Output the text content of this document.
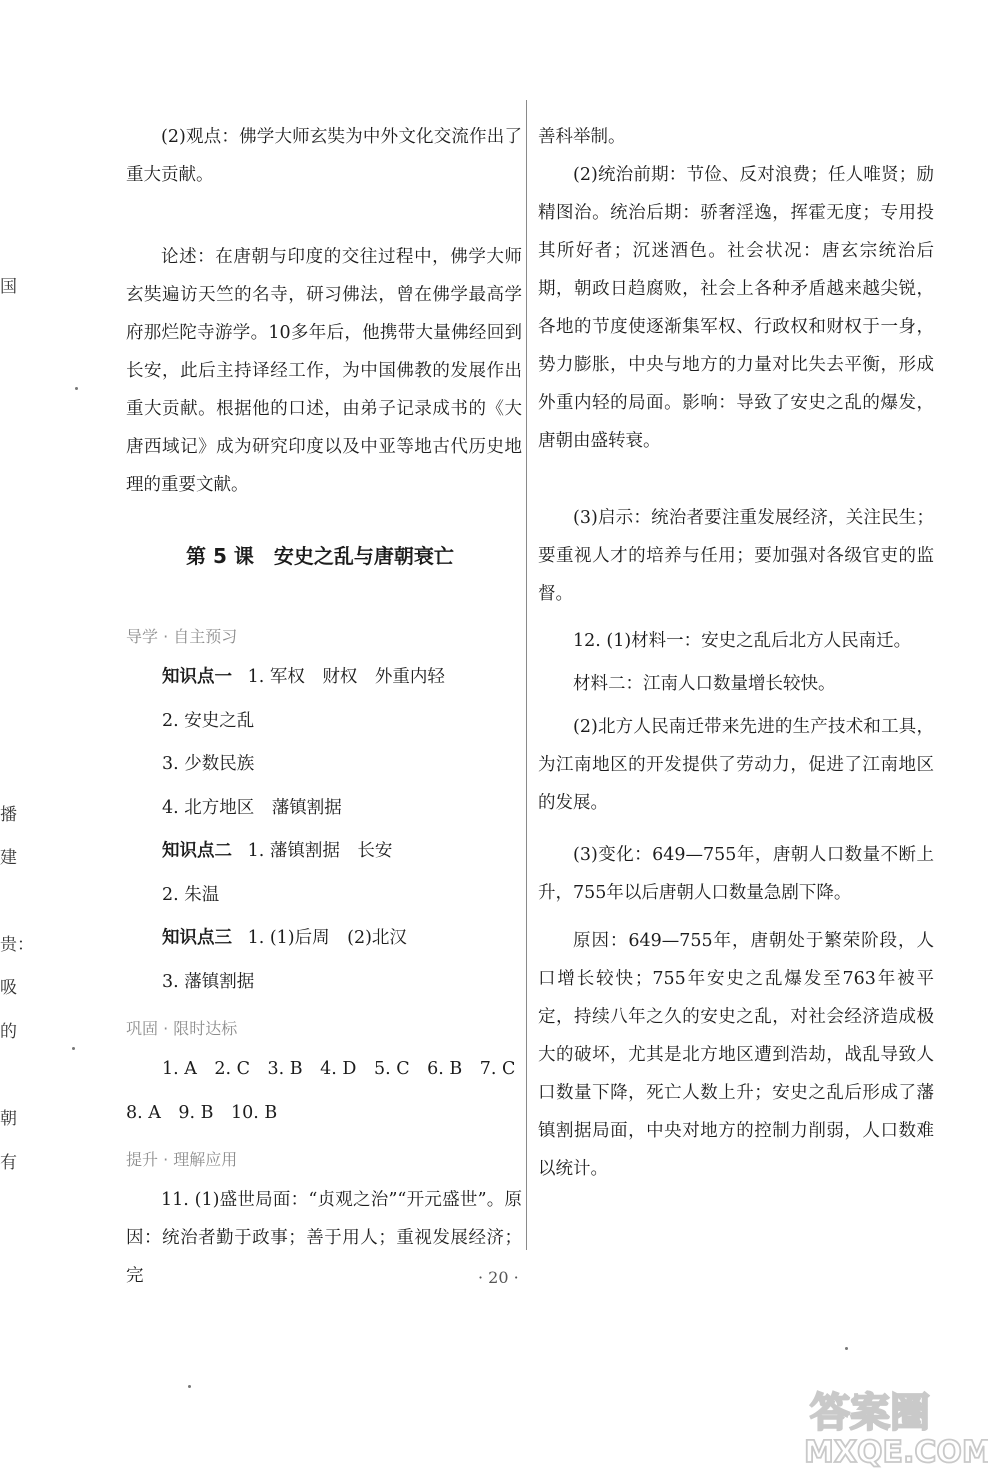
国
播
建
贵：
吸
的
朝
有

(2)观点：佛学大师玄奘为中外文化交流作出了重大贡献。

论述：在唐朝与印度的交往过程中，佛学大师玄奘遍访天竺的名寺，研习佛法，曾在佛学最高学府那烂陀寺游学。10多年后，他携带大量佛经回到长安，此后主持译经工作，为中国佛教的发展作出重大贡献。根据他的口述，由弟子记录成书的《大唐西域记》成为研究印度以及中亚等地古代历史地理的重要文献。

第 5 课　安史之乱与唐朝衰亡
导学 · 自主预习
知识点一 1. 军权　财权　外重内轻
2. 安史之乱
3. 少数民族
4. 北方地区　藩镇割据
知识点二 1. 藩镇割据　长安
2. 朱温
知识点三 1. (1)后周　(2)北汉
3. 藩镇割据
巩固 · 限时达标
1. A　2. C　3. B　4. D　5. C　6. B　7. C
8. A　9. B　10. B
提升 · 理解应用

11. (1)盛世局面：“贞观之治”“开元盛世”。原因：统治者勤于政事；善于用人；重视发展经济；完

善科举制。

(2)统治前期：节俭、反对浪费；任人唯贤；励精图治。统治后期：骄奢淫逸，挥霍无度；专用投其所好者；沉迷酒色。社会状况：唐玄宗统治后期，朝政日趋腐败，社会上各种矛盾越来越尖锐，各地的节度使逐渐集军权、行政权和财权于一身，势力膨胀，中央与地方的力量对比失去平衡，形成外重内轻的局面。影响：导致了安史之乱的爆发，唐朝由盛转衰。

(3)启示：统治者要注重发展经济，关注民生；要重视人才的培养与任用；要加强对各级官吏的监督。

12. (1)材料一：安史之乱后北方人民南迁。

材料二：江南人口数量增长较快。

(2)北方人民南迁带来先进的生产技术和工具，为江南地区的开发提供了劳动力，促进了江南地区的发展。

(3)变化：649—755年，唐朝人口数量不断上升，755年以后唐朝人口数量急剧下降。

原因：649—755年，唐朝处于繁荣阶段，人口增长较快；755年安史之乱爆发至763年被平定，持续八年之久的安史之乱，对社会经济造成极大的破坏，尤其是北方地区遭到浩劫，战乱导致人口数量下降，死亡人数上升；安史之乱后形成了藩镇割据局面，中央对地方的控制力削弱，人口数难以统计。

· 20 ·
答案圈
MXQE.COM
